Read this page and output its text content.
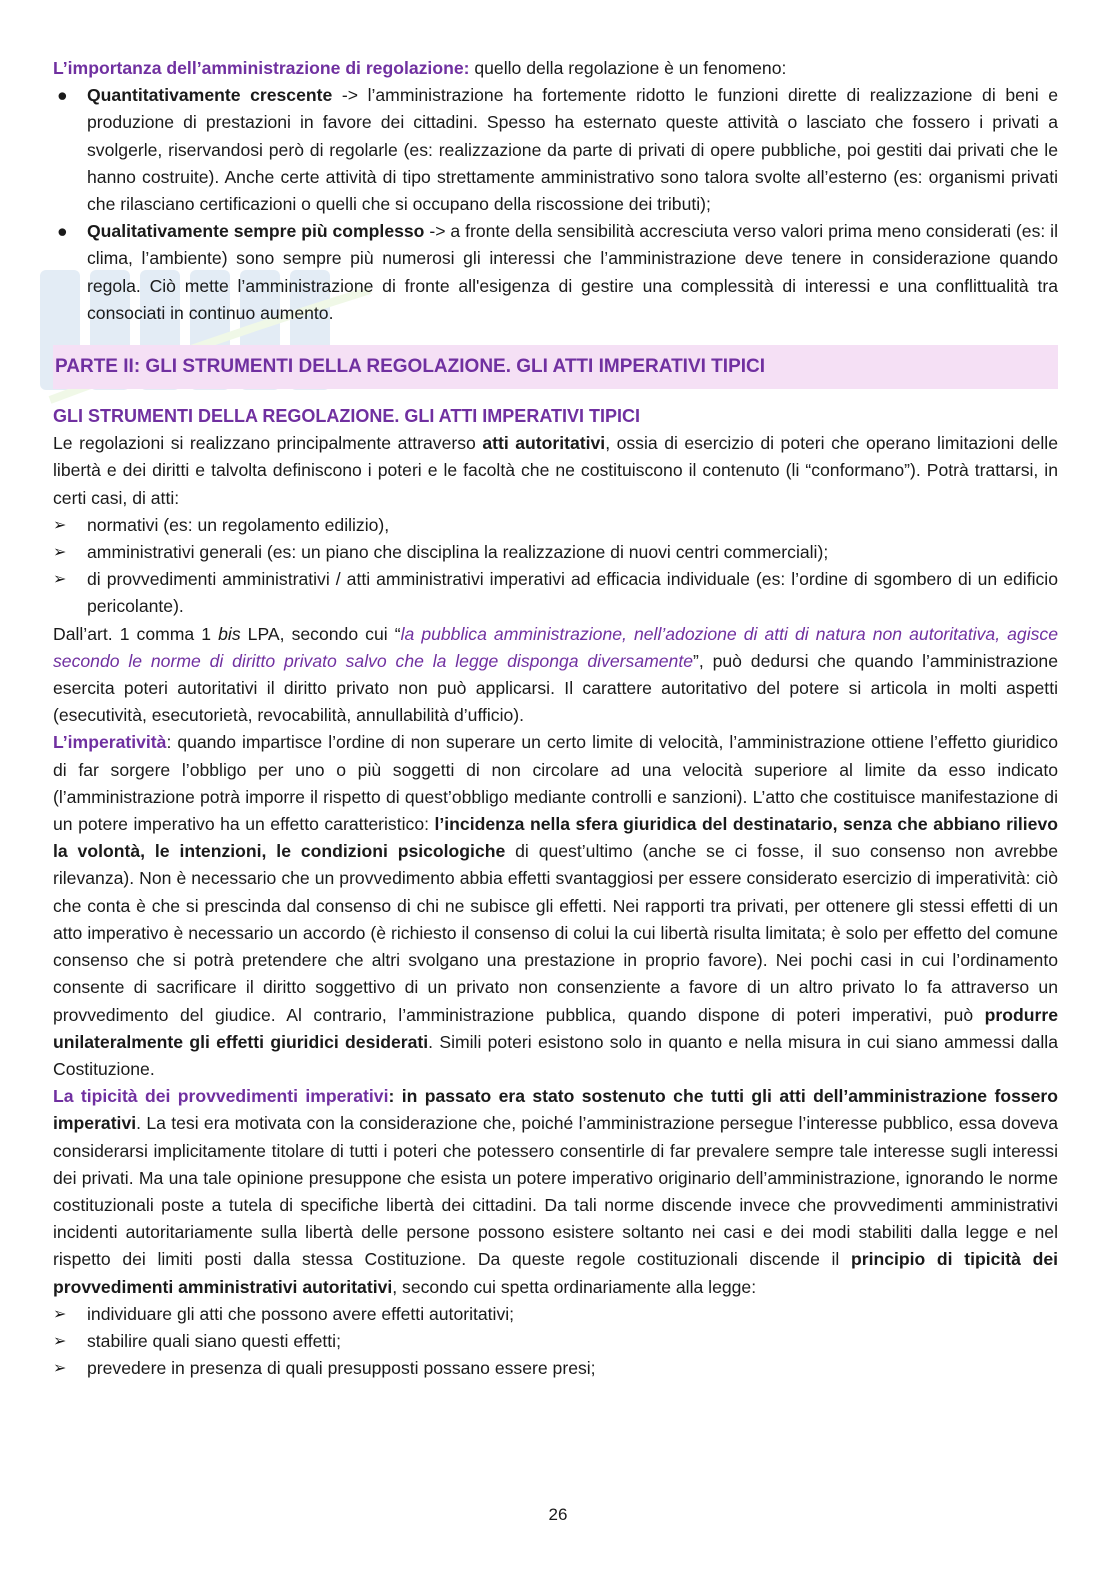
L’importanza dell’amministrazione di regolazione: quello della regolazione è un fenomeno:

● Quantitativamente crescente -> l’amministrazione ha fortemente ridotto le funzioni dirette di realizzazione di beni e produzione di prestazioni in favore dei cittadini. Spesso ha esternato queste attività o lasciato che fossero i privati a svolgerle, riservandosi però di regolarle (es: realizzazione da parte di privati di opere pubbliche, poi gestiti dai privati che le hanno costruite). Anche certe attività di tipo strettamente amministrativo sono talora svolte all’esterno (es: organismi privati che rilasciano certificazioni o quelli che si occupano della riscossione dei tributi);
● Qualitativamente sempre più complesso -> a fronte della sensibilità accresciuta verso valori prima meno considerati (es: il clima, l’ambiente) sono sempre più numerosi gli interessi che l’amministrazione deve tenere in considerazione quando regola. Ciò mette l’amministrazione di fronte all'esigenza di gestire una complessità di interessi e una conflittualità tra consociati in continuo aumento.
PARTE II: GLI STRUMENTI DELLA REGOLAZIONE. GLI ATTI IMPERATIVI TIPICI

GLI STRUMENTI DELLA REGOLAZIONE. GLI ATTI IMPERATIVI TIPICI

Le regolazioni si realizzano principalmente attraverso atti autoritativi, ossia di esercizio di poteri che operano limitazioni delle libertà e dei diritti e talvolta definiscono i poteri e le facoltà che ne costituiscono il contenuto (li “conformano”). Potrà trattarsi, in certi casi, di atti:

➢ normativi (es: un regolamento edilizio),
➢ amministrativi generali (es: un piano che disciplina la realizzazione di nuovi centri commerciali);
➢ di provvedimenti amministrativi / atti amministrativi imperativi ad efficacia individuale (es: l’ordine di sgombero di un edificio pericolante).

Dall’art. 1 comma 1 bis LPA, secondo cui “la pubblica amministrazione, nell’adozione di atti di natura non autoritativa, agisce secondo le norme di diritto privato salvo che la legge disponga diversamente”, può dedursi che quando l’amministrazione esercita poteri autoritativi il diritto privato non può applicarsi. Il carattere autoritativo del potere si articola in molti aspetti (esecutività, esecutorietà, revocabilità, annullabilità d’ufficio).

L’imperatività: quando impartisce l’ordine di non superare un certo limite di velocità, l’amministrazione ottiene l’effetto giuridico di far sorgere l’obbligo per uno o più soggetti di non circolare ad una velocità superiore al limite da esso indicato (l’amministrazione potrà imporre il rispetto di quest’obbligo mediante controlli e sanzioni). L’atto che costituisce manifestazione di un potere imperativo ha un effetto caratteristico: l’incidenza nella sfera giuridica del destinatario, senza che abbiano rilievo la volontà, le intenzioni, le condizioni psicologiche di quest’ultimo (anche se ci fosse, il suo consenso non avrebbe rilevanza). Non è necessario che un provvedimento abbia effetti svantaggiosi per essere considerato esercizio di imperatività: ciò che conta è che si prescinda dal consenso di chi ne subisce gli effetti. Nei rapporti tra privati, per ottenere gli stessi effetti di un atto imperativo è necessario un accordo (è richiesto il consenso di colui la cui libertà risulta limitata; è solo per effetto del comune consenso che si potrà pretendere che altri svolgano una prestazione in proprio favore). Nei pochi casi in cui l’ordinamento consente di sacrificare il diritto soggettivo di un privato non consenziente a favore di un altro privato lo fa attraverso un provvedimento del giudice. Al contrario, l’amministrazione pubblica, quando dispone di poteri imperativi, può produrre unilateralmente gli effetti giuridici desiderati. Simili poteri esistono solo in quanto e nella misura in cui siano ammessi dalla Costituzione.

La tipicità dei provvedimenti imperativi: in passato era stato sostenuto che tutti gli atti dell’amministrazione fossero imperativi. La tesi era motivata con la considerazione che, poiché l’amministrazione persegue l’interesse pubblico, essa doveva considerarsi implicitamente titolare di tutti i poteri che potessero consentirle di far prevalere sempre tale interesse sugli interessi dei privati. Ma una tale opinione presuppone che esista un potere imperativo originario dell’amministrazione, ignorando le norme costituzionali poste a tutela di specifiche libertà dei cittadini. Da tali norme discende invece che provvedimenti amministrativi incidenti autoritariamente sulla libertà delle persone possono esistere soltanto nei casi e dei modi stabiliti dalla legge e nel rispetto dei limiti posti dalla stessa Costituzione. Da queste regole costituzionali discende il principio di tipicità dei provvedimenti amministrativi autoritativi, secondo cui spetta ordinariamente alla legge:

➢ individuare gli atti che possono avere effetti autoritativi;
➢ stabilire quali siano questi effetti;
➢ prevedere in presenza di quali presupposti possano essere presi;
26
